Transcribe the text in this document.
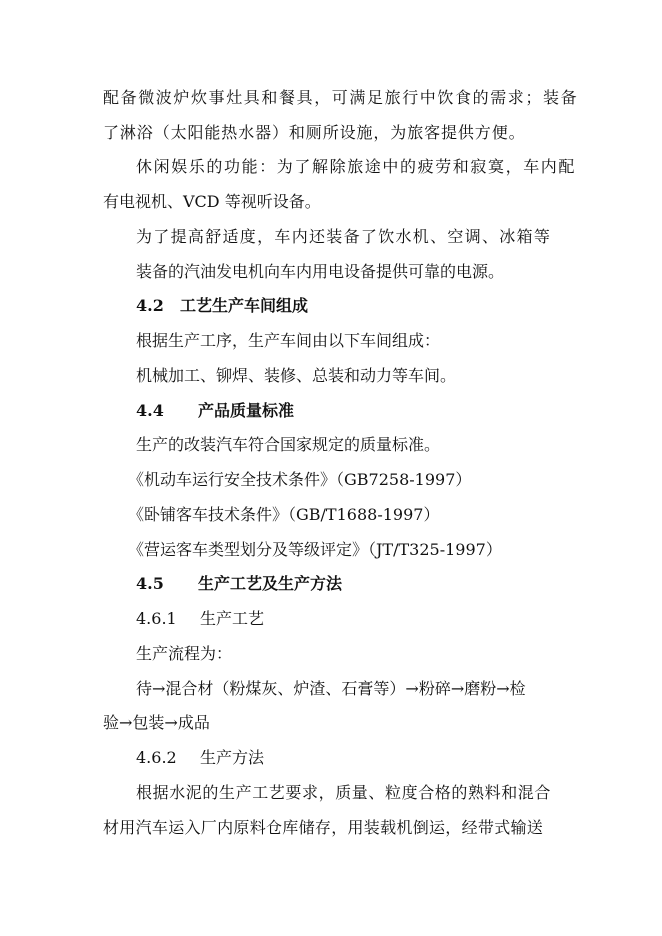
配备微波炉炊事灶具和餐具，可满足旅行中饮食的需求；装备
了淋浴（太阳能热水器）和厕所设施，为旅客提供方便。
休闲娱乐的功能：为了解除旅途中的疲劳和寂寞，车内配
有电视机、VCD 等视听设备。
为了提高舒适度，车内还装备了饮水机、空调、冰箱等
装备的汽油发电机向车内用电设备提供可靠的电源。
4.2 工艺生产车间组成
根据生产工序，生产车间由以下车间组成：
机械加工、铆焊、装修、总装和动力等车间。
4.4 产品质量标准
生产的改装汽车符合国家规定的质量标准。
《机动车运行安全技术条件》（GB7258-1997）
《卧铺客车技术条件》（GB/T1688-1997）
《营运客车类型划分及等级评定》（JT/T325-1997）
4.5 生产工艺及生产方法
4.6.1 生产工艺
生产流程为：
待→混合材（粉煤灰、炉渣、石膏等）→粉碎→磨粉→检
验→包装→成品
4.6.2 生产方法
根据水泥的生产工艺要求，质量、粒度合格的熟料和混合
材用汽车运入厂内原料仓库储存，用装载机倒运，经带式输送
